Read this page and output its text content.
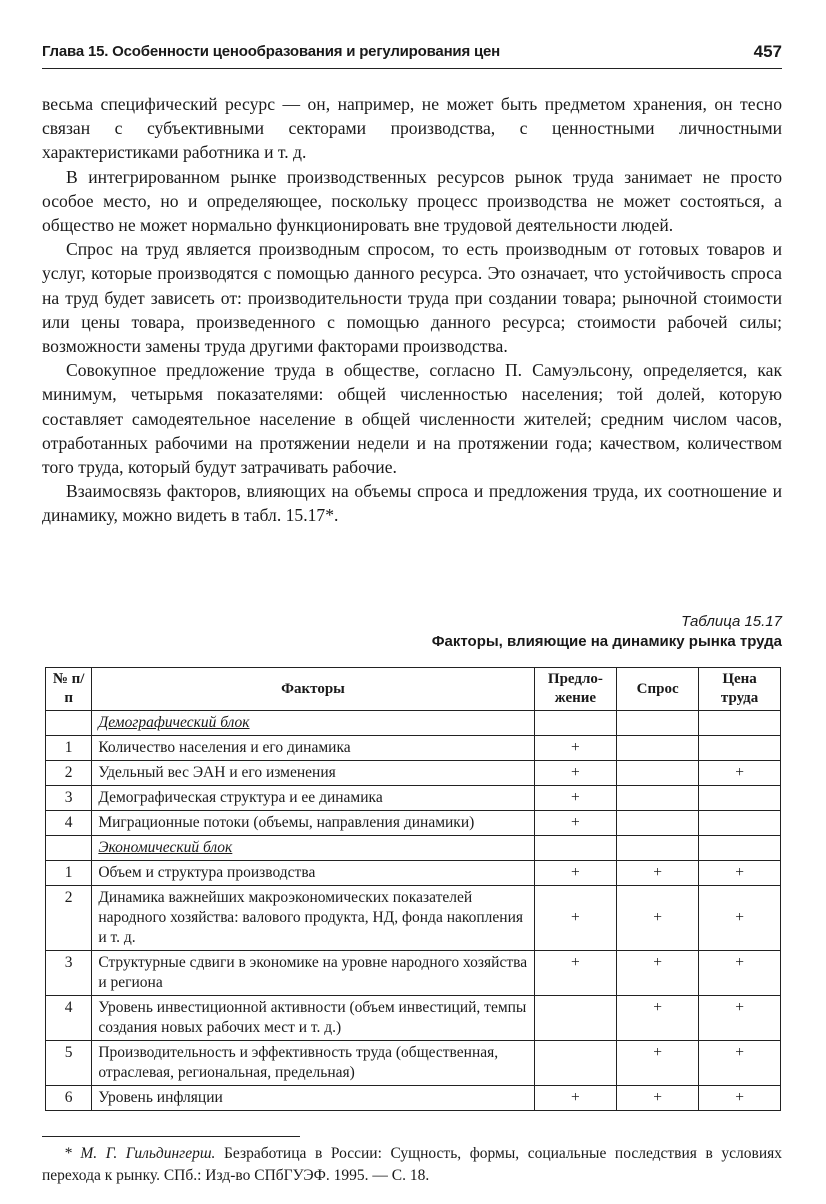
Глава 15. Особенности ценообразования и регулирования цен	457

весьма специфический ресурс — он, например, не может быть предметом хранения, он тесно связан с субъективными секторами производства, с ценностными личностными характеристиками работника и т. д.

В интегрированном рынке производственных ресурсов рынок труда занимает не просто особое место, но и определяющее, поскольку процесс производства не может состояться, а общество не может нормально функционировать вне трудовой деятельности людей.

Спрос на труд является производным спросом, то есть производным от готовых товаров и услуг, которые производятся с помощью данного ресурса. Это означает, что устойчивость спроса на труд будет зависеть от: производительности труда при создании товара; рыночной стоимости или цены товара, произведенного с помощью данного ресурса; стоимости рабочей силы; возможности замены труда другими факторами производства.

Совокупное предложение труда в обществе, согласно П. Самуэльсону, определяется, как минимум, четырьмя показателями: общей численностью населения; той долей, которую составляет самодеятельное население в общей численности жителей; средним числом часов, отработанных рабочими на протяжении недели и на протяжении года; качеством, количеством того труда, который будут затрачивать рабочие.

Взаимосвязь факторов, влияющих на объемы спроса и предложения труда, их соотношение и динамику, можно видеть в табл. 15.17*.

Таблица 15.17
Факторы, влияющие на динамику рынка труда
№ п/п	Факторы	Предло-жение	Спрос	Цена труда
	Демографический блок			
1	Количество населения и его динамика	+		
2	Удельный вес ЭАН и его изменения	+		+
3	Демографическая структура и ее динамика	+		
4	Миграционные потоки (объемы, направления динамики)	+		
	Экономический блок			
1	Объем и структура производства	+	+	+
2	Динамика важнейших макроэкономических показателей народного хозяйства: валового продукта, НД, фонда накопления и т. д.	+	+	+
3	Структурные сдвиги в экономике на уровне народного хозяйства и региона	+	+	+
4	Уровень инвестиционной активности (объем инвестиций, темпы создания новых рабочих мест и т. д.)		+	+
5	Производительность и эффективность труда (общественная, отраслевая, региональная, предельная)		+	+
6	Уровень инфляции	+	+	+

* М. Г. Гильдингерш. Безработица в России: Сущность, формы, социальные последствия в условиях перехода к рынку. СПб.: Изд-во СПбГУЭФ. 1995. — С. 18.
